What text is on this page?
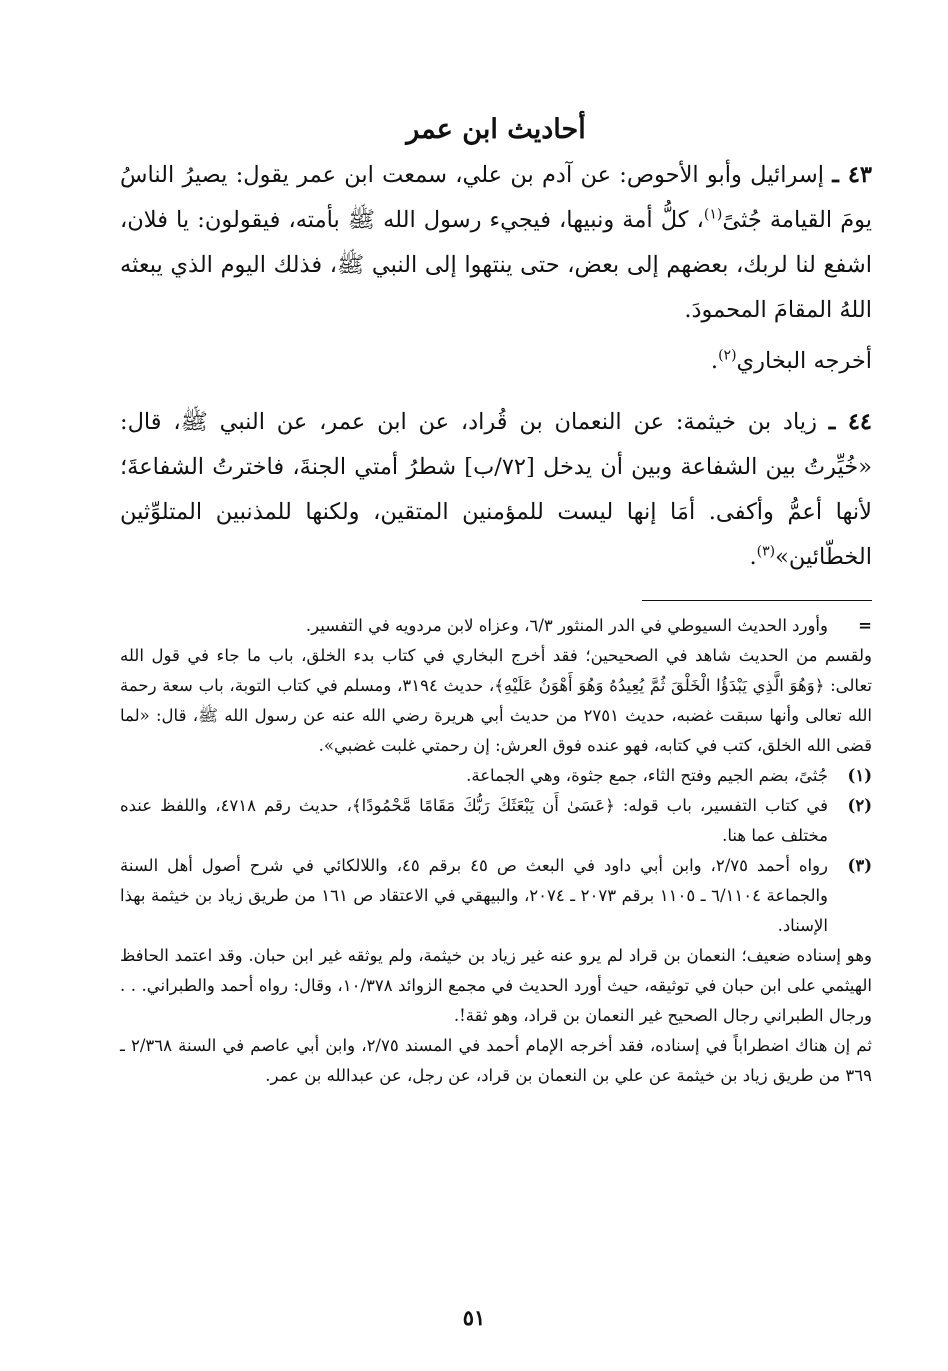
أحاديث ابن عمر

٤٣ ـ إسرائيل وأبو الأحوص: عن آدم بن علي، سمعت ابن عمر يقول: يصيرُ الناسُ يومَ القيامة جُثىً$^{(١)}$، كلُّ أمة ونبيها، فيجيء رسول الله ﷺ بأمته، فيقولون: يا فلان، اشفع لنا لربك، بعضهم إلى بعض، حتى ينتهوا إلى النبي ﷺ، فذلك اليوم الذي يبعثه اللهُ المقامَ المحمودَ.

أخرجه البخاري$^{(٢)}$.

٤٤ ـ زياد بن خيثمة: عن النعمان بن قُراد، عن ابن عمر، عن النبي ﷺ، قال: «خُيِّرتُ بين الشفاعة وبين أن يدخل [٧٢/ب] شطرُ أمتي الجنةَ، فاخترتُ الشفاعةَ؛ لأنها أعمُّ وأكفى. أمَا إنها ليست للمؤمنين المتقين، ولكنها للمذنبين المتلوِّثين الخطّائين»$^{(٣)}$.

=

وأورد الحديث السيوطي في الدر المنثور ٦/٣، وعزاه لابن مردويه في التفسير.

ولقسم من الحديث شاهد في الصحيحين؛ فقد أخرج البخاري في كتاب بدء الخلق، باب ما جاء في قول الله تعالى: ﴿وَهُوَ الَّذِي يَبْدَؤُا الْخَلْقَ ثُمَّ يُعِيدُهُ وَهُوَ أَهْوَنُ عَلَيْهِ﴾، حديث ٣١٩٤، ومسلم في كتاب التوبة، باب سعة رحمة الله تعالى وأنها سبقت غضبه، حديث ٢٧٥١ من حديث أبي هريرة رضي الله عنه عن رسول الله ﷺ، قال: «لما قضى الله الخلق، كتب في كتابه، فهو عنده فوق العرش: إن رحمتي غلبت غضبي».

(١)

جُثىً، بضم الجيم وفتح الثاء، جمع جثوة، وهي الجماعة.

(٢)

في كتاب التفسير، باب قوله: ﴿عَسَىٰ أَن يَبْعَثَكَ رَبُّكَ مَقَامًا مَّحْمُودًا﴾، حديث رقم ٤٧١٨، واللفظ عنده مختلف عما هنا.

(٣)

رواه أحمد ٢/٧٥، وابن أبي داود في البعث ص ٤٥ برقم ٤٥، واللالكائي في شرح أصول أهل السنة والجماعة ٦/١١٠٤ ـ ١١٠٥ برقم ٢٠٧٣ ـ ٢٠٧٤، والبيهقي في الاعتقاد ص ١٦١ من طريق زياد بن خيثمة بهذا الإسناد.

وهو إسناده ضعيف؛ النعمان بن قراد لم يرو عنه غير زياد بن خيثمة، ولم يوثقه غير ابن حبان. وقد اعتمد الحافظ الهيثمي على ابن حبان في توثيقه، حيث أورد الحديث في مجمع الزوائد ١٠/٣٧٨، وقال: رواه أحمد والطبراني. . . ورجال الطبراني رجال الصحيح غير النعمان بن قراد، وهو ثقة!.

ثم إن هناك اضطراباً في إسناده، فقد أخرجه الإمام أحمد في المسند ٢/٧٥، وابن أبي عاصم في السنة ٢/٣٦٨ ـ ٣٦٩ من طريق زياد بن خيثمة عن علي بن النعمان بن قراد، عن رجل، عن عبدالله بن عمر.

٥١
